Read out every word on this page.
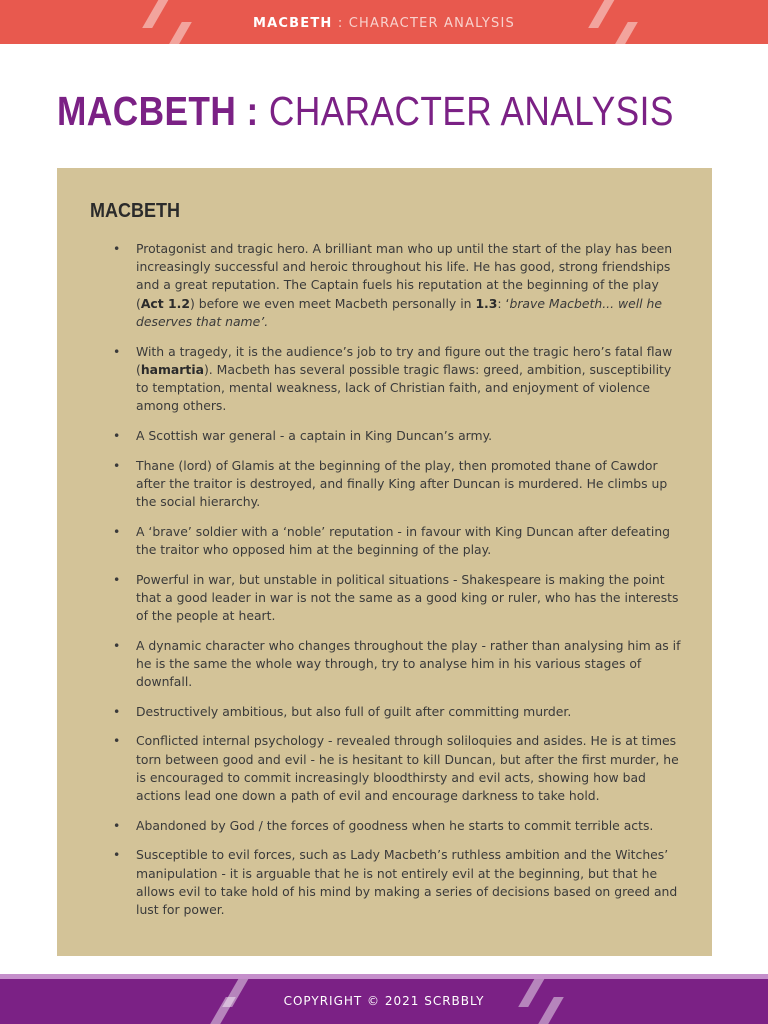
MACBETH : CHARACTER ANALYSIS
MACBETH : CHARACTER ANALYSIS
MACBETH
• Protagonist and tragic hero. A brilliant man who up until the start of the play has been increasingly successful and heroic throughout his life. He has good, strong friendships and a great reputation. The Captain fuels his reputation at the beginning of the play (Act 1.2) before we even meet Macbeth personally in 1.3: ‘brave Macbeth... well he deserves that name’.
• With a tragedy, it is the audience’s job to try and figure out the tragic hero’s fatal flaw (hamartia). Macbeth has several possible tragic flaws: greed, ambition, susceptibility to temptation, mental weakness, lack of Christian faith, and enjoyment of violence among others.
• A Scottish war general - a captain in King Duncan’s army.
• Thane (lord) of Glamis at the beginning of the play, then promoted thane of Cawdor after the traitor is destroyed, and finally King after Duncan is murdered. He climbs up the social hierarchy.
• A ‘brave’ soldier with a ‘noble’ reputation - in favour with King Duncan after defeating the traitor who opposed him at the beginning of the play.
• Powerful in war, but unstable in political situations - Shakespeare is making the point that a good leader in war is not the same as a good king or ruler, who has the interests of the people at heart.
• A dynamic character who changes throughout the play - rather than analysing him as if he is the same the whole way through, try to analyse him in his various stages of downfall.
• Destructively ambitious, but also full of guilt after committing murder.
• Conflicted internal psychology - revealed through soliloquies and asides. He is at times torn between good and evil - he is hesitant to kill Duncan, but after the first murder, he is encouraged to commit increasingly bloodthirsty and evil acts, showing how bad actions lead one down a path of evil and encourage darkness to take hold.
• Abandoned by God / the forces of goodness when he starts to commit terrible acts.
• Susceptible to evil forces, such as Lady Macbeth’s ruthless ambition and the Witches’ manipulation - it is arguable that he is not entirely evil at the beginning, but that he allows evil to take hold of his mind by making a series of decisions based on greed and lust for power.
COPYRIGHT © 2021 SCRBBLY
